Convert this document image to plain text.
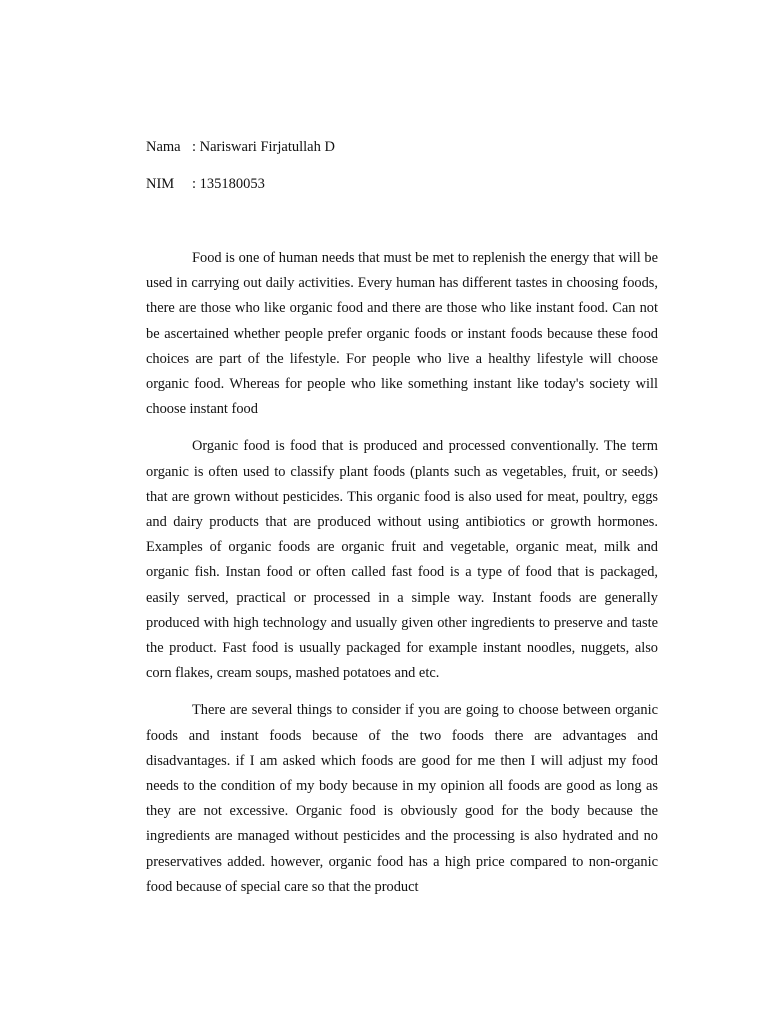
Nama : Nariswari Firjatullah D
NIM : 135180053

Food is one of human needs that must be met to replenish the energy that will be used in carrying out daily activities. Every human has different tastes in choosing foods, there are those who like organic food and there are those who like instant food. Can not be ascertained whether people prefer organic foods or instant foods because these food choices are part of the lifestyle. For people who live a healthy lifestyle will choose organic food. Whereas for people who like something instant like today's society will choose instant food

Organic food is food that is produced and processed conventionally. The term organic is often used to classify plant foods (plants such as vegetables, fruit, or seeds) that are grown without pesticides. This organic food is also used for meat, poultry, eggs and dairy products that are produced without using antibiotics or growth hormones. Examples of organic foods are organic fruit and vegetable, organic meat, milk and organic fish. Instan food or often called fast food is a type of food that is packaged, easily served, practical or processed in a simple way. Instant foods are generally produced with high technology and usually given other ingredients to preserve and taste the product. Fast food is usually packaged for example instant noodles, nuggets, also corn flakes, cream soups, mashed potatoes and etc.

There are several things to consider if you are going to choose between organic foods and instant foods because of the two foods there are advantages and disadvantages. if I am asked which foods are good for me then I will adjust my food needs to the condition of my body because in my opinion all foods are good as long as they are not excessive. Organic food is obviously good for the body because the ingredients are managed without pesticides and the processing is also hydrated and no preservatives added. however, organic food has a high price compared to non-organic food because of special care so that the product
